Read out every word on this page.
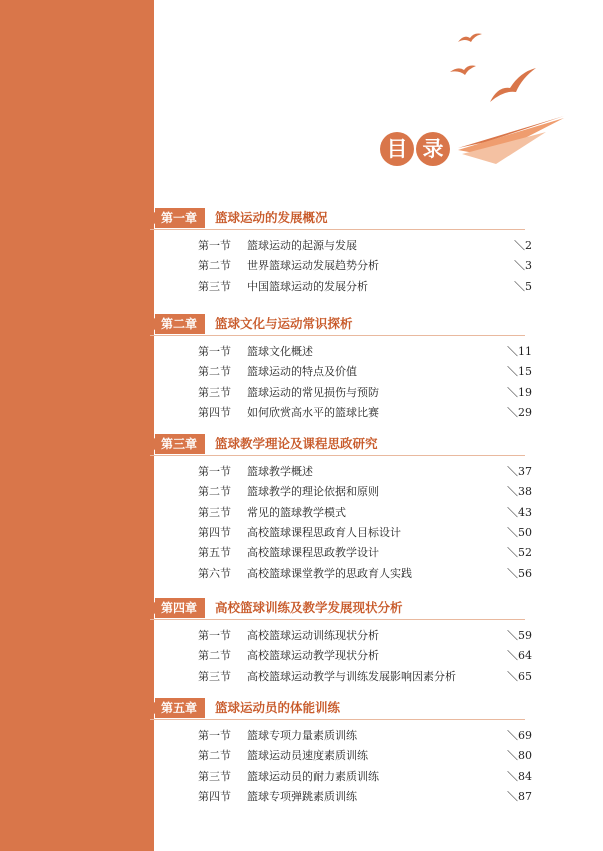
目 录
第一章	篮球运动的发展概况
第一节 篮球运动的起源与发展	＼2
第二节 世界篮球运动发展趋势分析	＼3
第三节 中国篮球运动的发展分析	＼5
第二章	篮球文化与运动常识探析
第一节 篮球文化概述	＼11
第二节 篮球运动的特点及价值	＼15
第三节 篮球运动的常见损伤与预防	＼19
第四节 如何欣赏高水平的篮球比赛	＼29
第三章	篮球教学理论及课程思政研究
第一节 篮球教学概述	＼37
第二节 篮球教学的理论依据和原则	＼38
第三节 常见的篮球教学模式	＼43
第四节 高校篮球课程思政育人目标设计	＼50
第五节 高校篮球课程思政教学设计	＼52
第六节 高校篮球课堂教学的思政育人实践	＼56
第四章	高校篮球训练及教学发展现状分析
第一节 高校篮球运动训练现状分析	＼59
第二节 高校篮球运动教学现状分析	＼64
第三节 高校篮球运动教学与训练发展影响因素分析	＼65
第五章	篮球运动员的体能训练
第一节 篮球专项力量素质训练	＼69
第二节 篮球运动员速度素质训练	＼80
第三节 篮球运动员的耐力素质训练	＼84
第四节 篮球专项弹跳素质训练	＼87
